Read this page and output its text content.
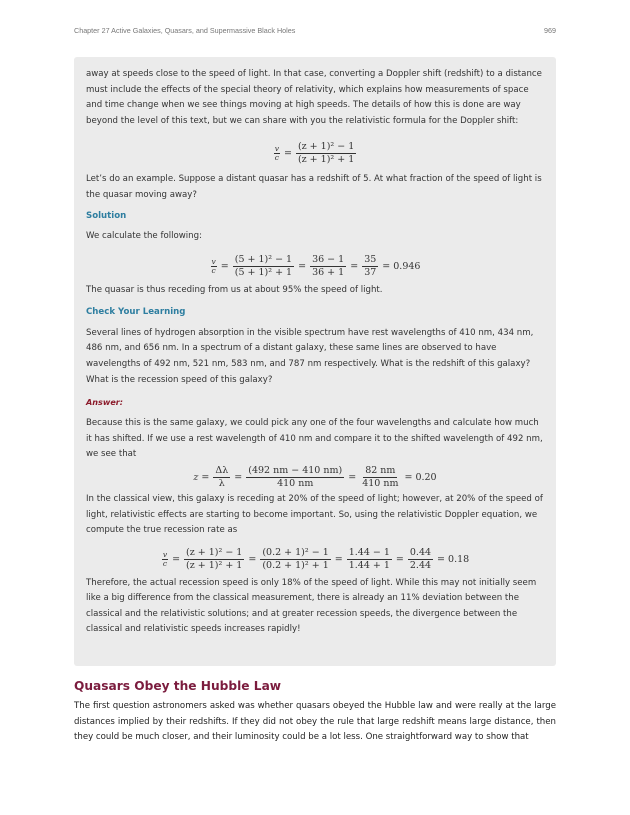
Chapter 27 Active Galaxies, Quasars, and Supermassive Black Holes	969

away at speeds close to the speed of light. In that case, converting a Doppler shift (redshift) to a distance must include the effects of the special theory of relativity, which explains how measurements of space and time change when we see things moving at high speeds. The details of how this is done are way beyond the level of this text, but we can share with you the relativistic formula for the Doppler shift:

$\frac{v}{c} = \frac{\text{(z + 1)² − 1}}{\text{(z + 1)² + 1}}$

Let’s do an example. Suppose a distant quasar has a redshift of 5. At what fraction of the speed of light is the quasar moving away?

Solution

We calculate the following:

$\frac{v}{c} = \frac{\text{(5 + 1)² − 1}}{\text{(5 + 1)² + 1}} = \frac{36 - 1}{36 + 1} = \frac{35}{37} = 0.946$

The quasar is thus receding from us at about 95% the speed of light.

Check Your Learning

Several lines of hydrogen absorption in the visible spectrum have rest wavelengths of 410 nm, 434 nm, 486 nm, and 656 nm. In a spectrum of a distant galaxy, these same lines are observed to have wavelengths of 492 nm, 521 nm, 583 nm, and 787 nm respectively. What is the redshift of this galaxy? What is the recession speed of this galaxy?

Answer:

Because this is the same galaxy, we could pick any one of the four wavelengths and calculate how much it has shifted. If we use a rest wavelength of 410 nm and compare it to the shifted wavelength of 492 nm, we see that

$z = \frac{\Delta\lambda}{\lambda} = \frac{(492 nm - 410 nm)}{410 nm} = \frac{82 nm}{410 nm} = 0.20$

In the classical view, this galaxy is receding at 20% of the speed of light; however, at 20% of the speed of light, relativistic effects are starting to become important. So, using the relativistic Doppler equation, we compute the true recession rate as

$\frac{v}{c} = \frac{\text{(z + 1)² − 1}}{\text{(z + 1)² + 1}} = \frac{\text{(0.2 + 1)² − 1}}{\text{(0.2 + 1)² + 1}} = \frac{1.44 - 1}{1.44 + 1} = \frac{0.44}{2.44} = 0.18$

Therefore, the actual recession speed is only 18% of the speed of light. While this may not initially seem like a big difference from the classical measurement, there is already an 11% deviation between the classical and the relativistic solutions; and at greater recession speeds, the divergence between the classical and relativistic speeds increases rapidly!

Quasars Obey the Hubble Law

The first question astronomers asked was whether quasars obeyed the Hubble law and were really at the large distances implied by their redshifts. If they did not obey the rule that large redshift means large distance, then they could be much closer, and their luminosity could be a lot less. One straightforward way to show that
